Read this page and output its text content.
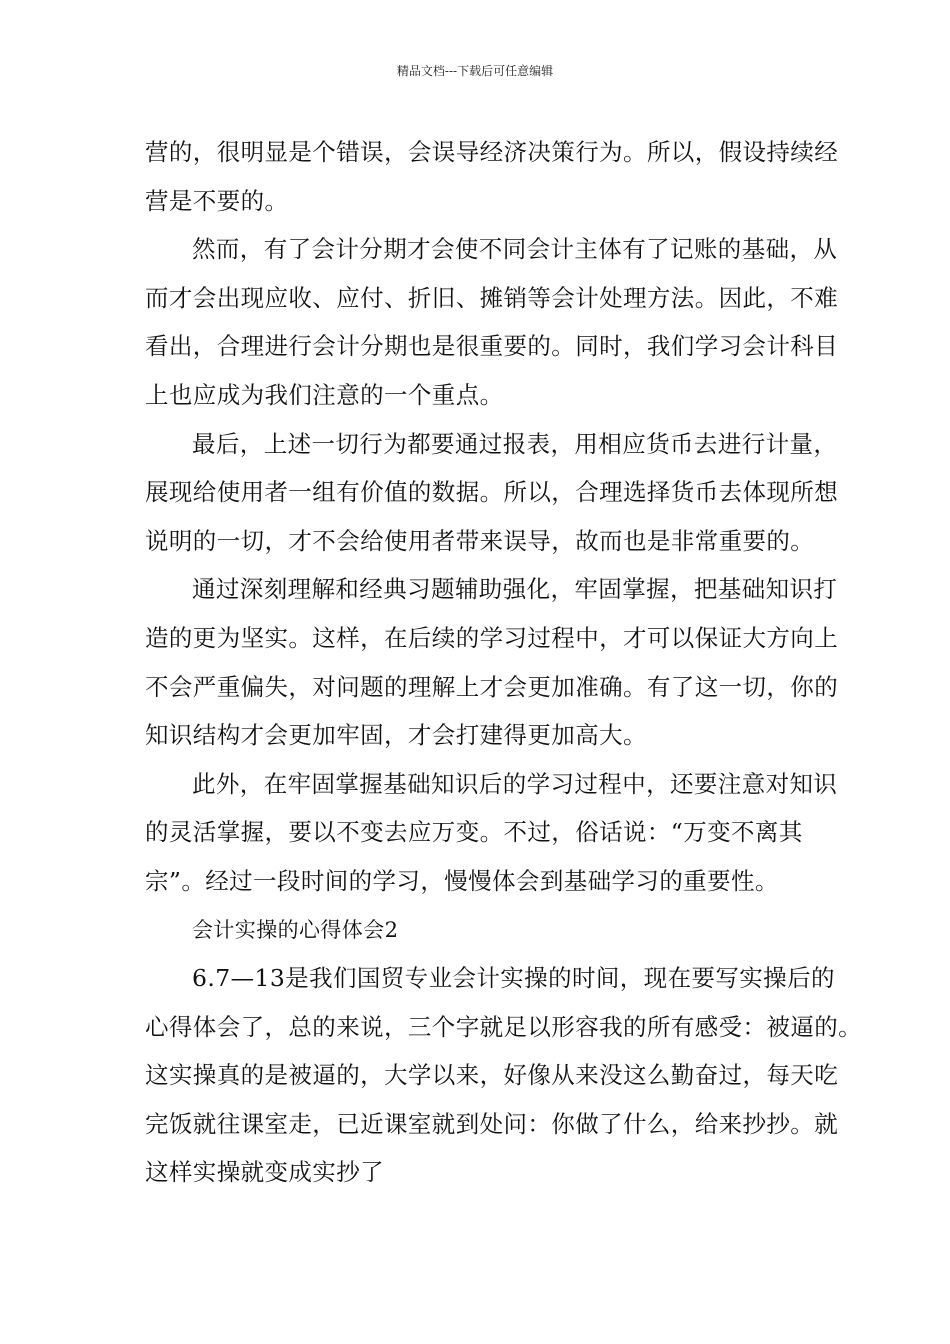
精品文档---下载后可任意编辑
营的，很明显是个错误，会误导经济决策行为。所以，假设持续经
营是不要的。
然而，有了会计分期才会使不同会计主体有了记账的基础，从
而才会出现应收、应付、折旧、摊销等会计处理方法。因此，不难
看出，合理进行会计分期也是很重要的。同时，我们学习会计科目
上也应成为我们注意的一个重点。
最后，上述一切行为都要通过报表，用相应货币去进行计量，
展现给使用者一组有价值的数据。所以，合理选择货币去体现所想
说明的一切，才不会给使用者带来误导，故而也是非常重要的。
通过深刻理解和经典习题辅助强化，牢固掌握，把基础知识打
造的更为坚实。这样，在后续的学习过程中，才可以保证大方向上
不会严重偏失，对问题的理解上才会更加准确。有了这一切，你的
知识结构才会更加牢固，才会打建得更加高大。
此外，在牢固掌握基础知识后的学习过程中，还要注意对知识
的灵活掌握，要以不变去应万变。不过，俗话说：“万变不离其
宗”。经过一段时间的学习，慢慢体会到基础学习的重要性。
会计实操的心得体会2
6.7—13是我们国贸专业会计实操的时间，现在要写实操后的
心得体会了，总的来说，三个字就足以形容我的所有感受：被逼的。
这实操真的是被逼的，大学以来，好像从来没这么勤奋过，每天吃
完饭就往课室走，已近课室就到处问：你做了什么，给来抄抄。就
这样实操就变成实抄了
